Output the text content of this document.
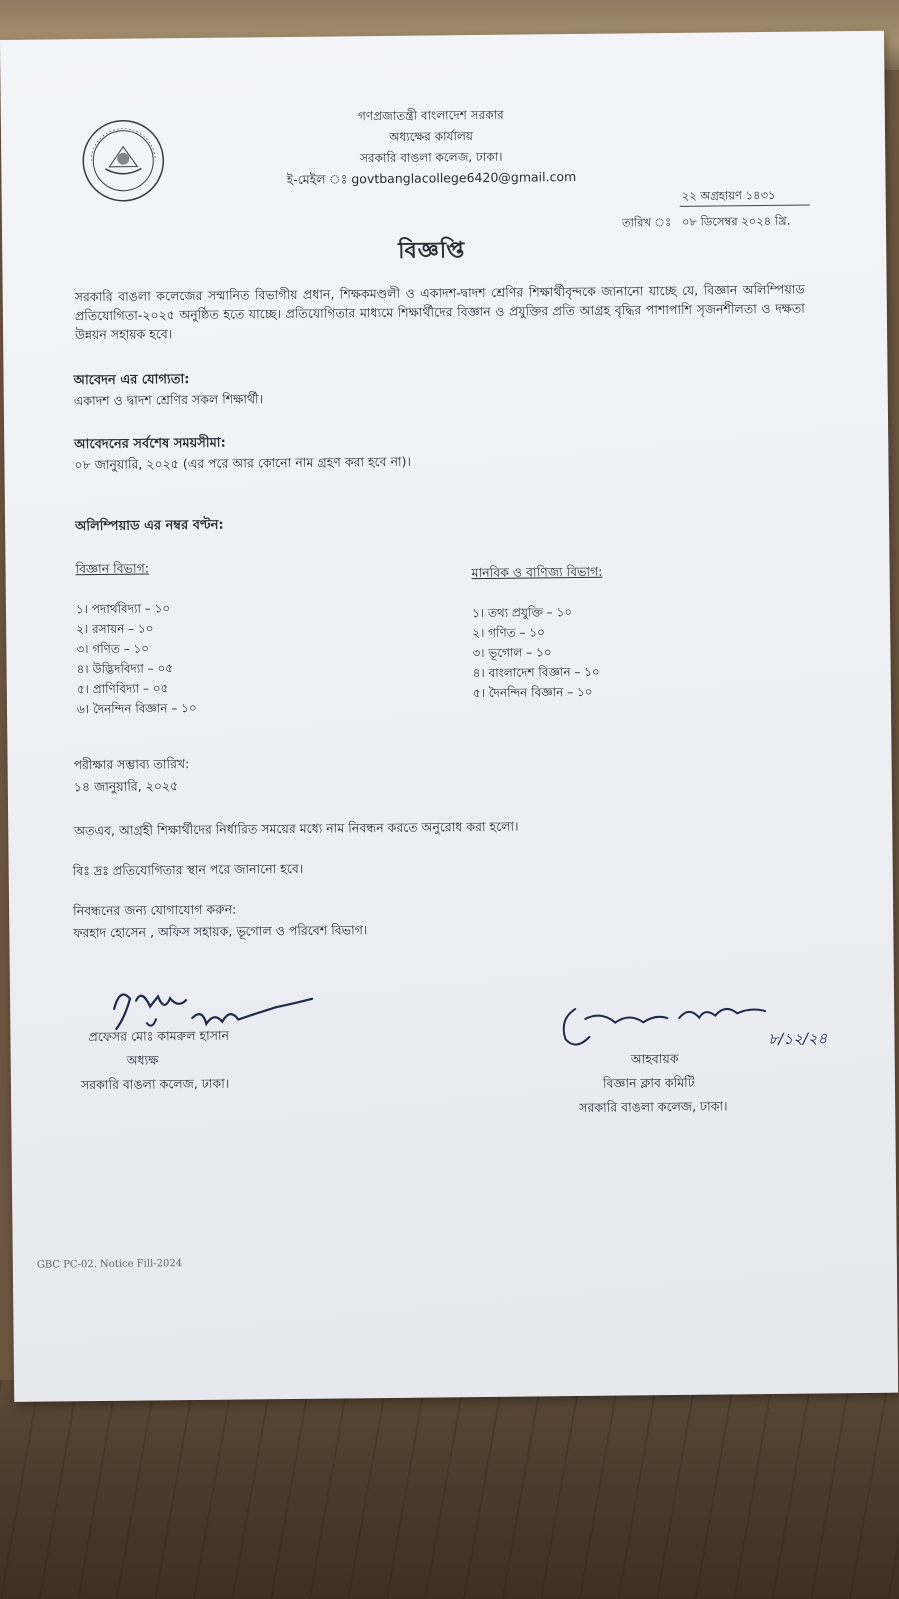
গণপ্রজাতন্ত্রী বাংলাদেশ সরকার
অধ্যক্ষের কার্যালয়
সরকারি বাঙলা কলেজ, ঢাকা।
ই-মেইল ঃ govtbanglacollege6420@gmail.com
২২ অগ্রহায়ণ ১৪৩১
তারিখ ঃ ০৮ ডিসেম্বর ২০২৪ খ্রি.
বিজ্ঞপ্তি
সরকারি বাঙলা কলেজের সম্মানিত বিভাগীয় প্রধান, শিক্ষকমণ্ডলী ও একাদশ-দ্বাদশ শ্রেণির শিক্ষার্থীবৃন্দকে জানানো যাচ্ছে যে, বিজ্ঞান অলিম্পিয়াড প্রতিযোগিতা-২০২৫ অনুষ্ঠিত হতে যাচ্ছে। প্রতিযোগিতার মাধ্যমে শিক্ষার্থীদের বিজ্ঞান ও প্রযুক্তির প্রতি আগ্রহ বৃদ্ধির পাশাপাশি সৃজনশীলতা ও দক্ষতা উন্নয়ন সহায়ক হবে।
আবেদন এর যোগ্যতা:
একাদশ ও দ্বাদশ শ্রেণির সকল শিক্ষার্থী।
আবেদনের সর্বশেষ সময়সীমা:
০৮ জানুয়ারি, ২০২৫ (এর পরে আর কোনো নাম গ্রহণ করা হবে না)।
অলিম্পিয়াড এর নম্বর বণ্টন:
বিজ্ঞান বিভাগ:
১। পদার্থবিদ্যা – ১০
২। রসায়ন – ১০
৩। গণিত – ১০
৪। উদ্ভিদবিদ্যা – ০৫
৫। প্রাণিবিদ্যা – ০৫
৬। দৈনন্দিন বিজ্ঞান – ১০
মানবিক ও বাণিজ্য বিভাগ:
১। তথ্য প্রযুক্তি – ১০
২। গণিত – ১০
৩। ভূগোল – ১০
৪। বাংলাদেশ বিজ্ঞান – ১০
৫। দৈনন্দিন বিজ্ঞান – ১০
পরীক্ষার সম্ভাব্য তারিখ:
১৪ জানুয়ারি, ২০২৫
অতএব, আগ্রহী শিক্ষার্থীদের নির্ধারিত সময়ের মধ্যে নাম নিবন্ধন করতে অনুরোধ করা হলো।
বিঃ দ্রঃ প্রতিযোগিতার স্থান পরে জানানো হবে।
নিবন্ধনের জন্য যোগাযোগ করুন:
ফরহাদ হোসেন , অফিস সহায়ক, ভূগোল ও পরিবেশ বিভাগ।
প্রফেসর মোঃ কামরুল হাসান
অধ্যক্ষ
সরকারি বাঙলা কলেজ, ঢাকা।
৮/১২/২৪
আহবায়ক
বিজ্ঞান ক্লাব কমিটি
সরকারি বাঙলা কলেজ, ঢাকা।
GBC PC-02. Notice Fill-2024
